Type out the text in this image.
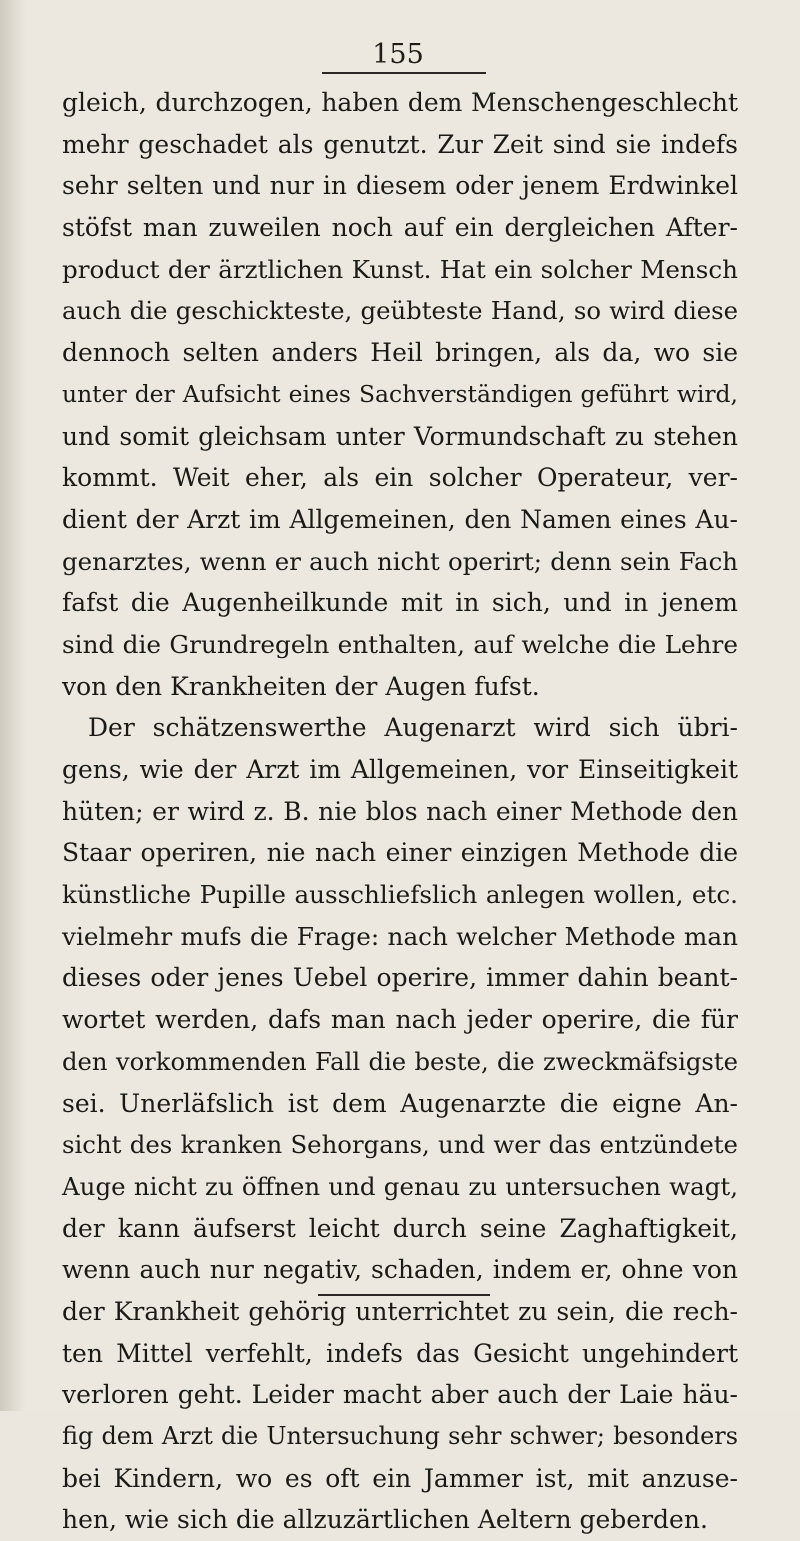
155
gleich, durchzogen, haben dem Menschengeschlecht
mehr geschadet als genutzt. Zur Zeit sind sie indefs
sehr selten und nur in diesem oder jenem Erdwinkel
stöfst man zuweilen noch auf ein dergleichen After-
product der ärztlichen Kunst. Hat ein solcher Mensch
auch die geschickteste, geübteste Hand, so wird diese
dennoch selten anders Heil bringen, als da, wo sie
unter der Aufsicht eines Sachverständigen geführt wird,
und somit gleichsam unter Vormundschaft zu stehen
kommt. Weit eher, als ein solcher Operateur, ver-
dient der Arzt im Allgemeinen, den Namen eines Au-
genarztes, wenn er auch nicht operirt; denn sein Fach
fafst die Augenheilkunde mit in sich, und in jenem
sind die Grundregeln enthalten, auf welche die Lehre
von den Krankheiten der Augen fufst.
Der schätzenswerthe Augenarzt wird sich übri-
gens, wie der Arzt im Allgemeinen, vor Einseitigkeit
hüten; er wird z. B. nie blos nach einer Methode den
Staar operiren, nie nach einer einzigen Methode die
künstliche Pupille ausschliefslich anlegen wollen, etc.
vielmehr mufs die Frage: nach welcher Methode man
dieses oder jenes Uebel operire, immer dahin beant-
wortet werden, dafs man nach jeder operire, die für
den vorkommenden Fall die beste, die zweckmäfsigste
sei. Unerläfslich ist dem Augenarzte die eigne An-
sicht des kranken Sehorgans, und wer das entzündete
Auge nicht zu öffnen und genau zu untersuchen wagt,
der kann äufserst leicht durch seine Zaghaftigkeit,
wenn auch nur negativ, schaden, indem er, ohne von
der Krankheit gehörig unterrichtet zu sein, die rech-
ten Mittel verfehlt, indefs das Gesicht ungehindert
verloren geht. Leider macht aber auch der Laie häu-
fig dem Arzt die Untersuchung sehr schwer; besonders
bei Kindern, wo es oft ein Jammer ist, mit anzuse-
hen, wie sich die allzuzärtlichen Aeltern geberden.
